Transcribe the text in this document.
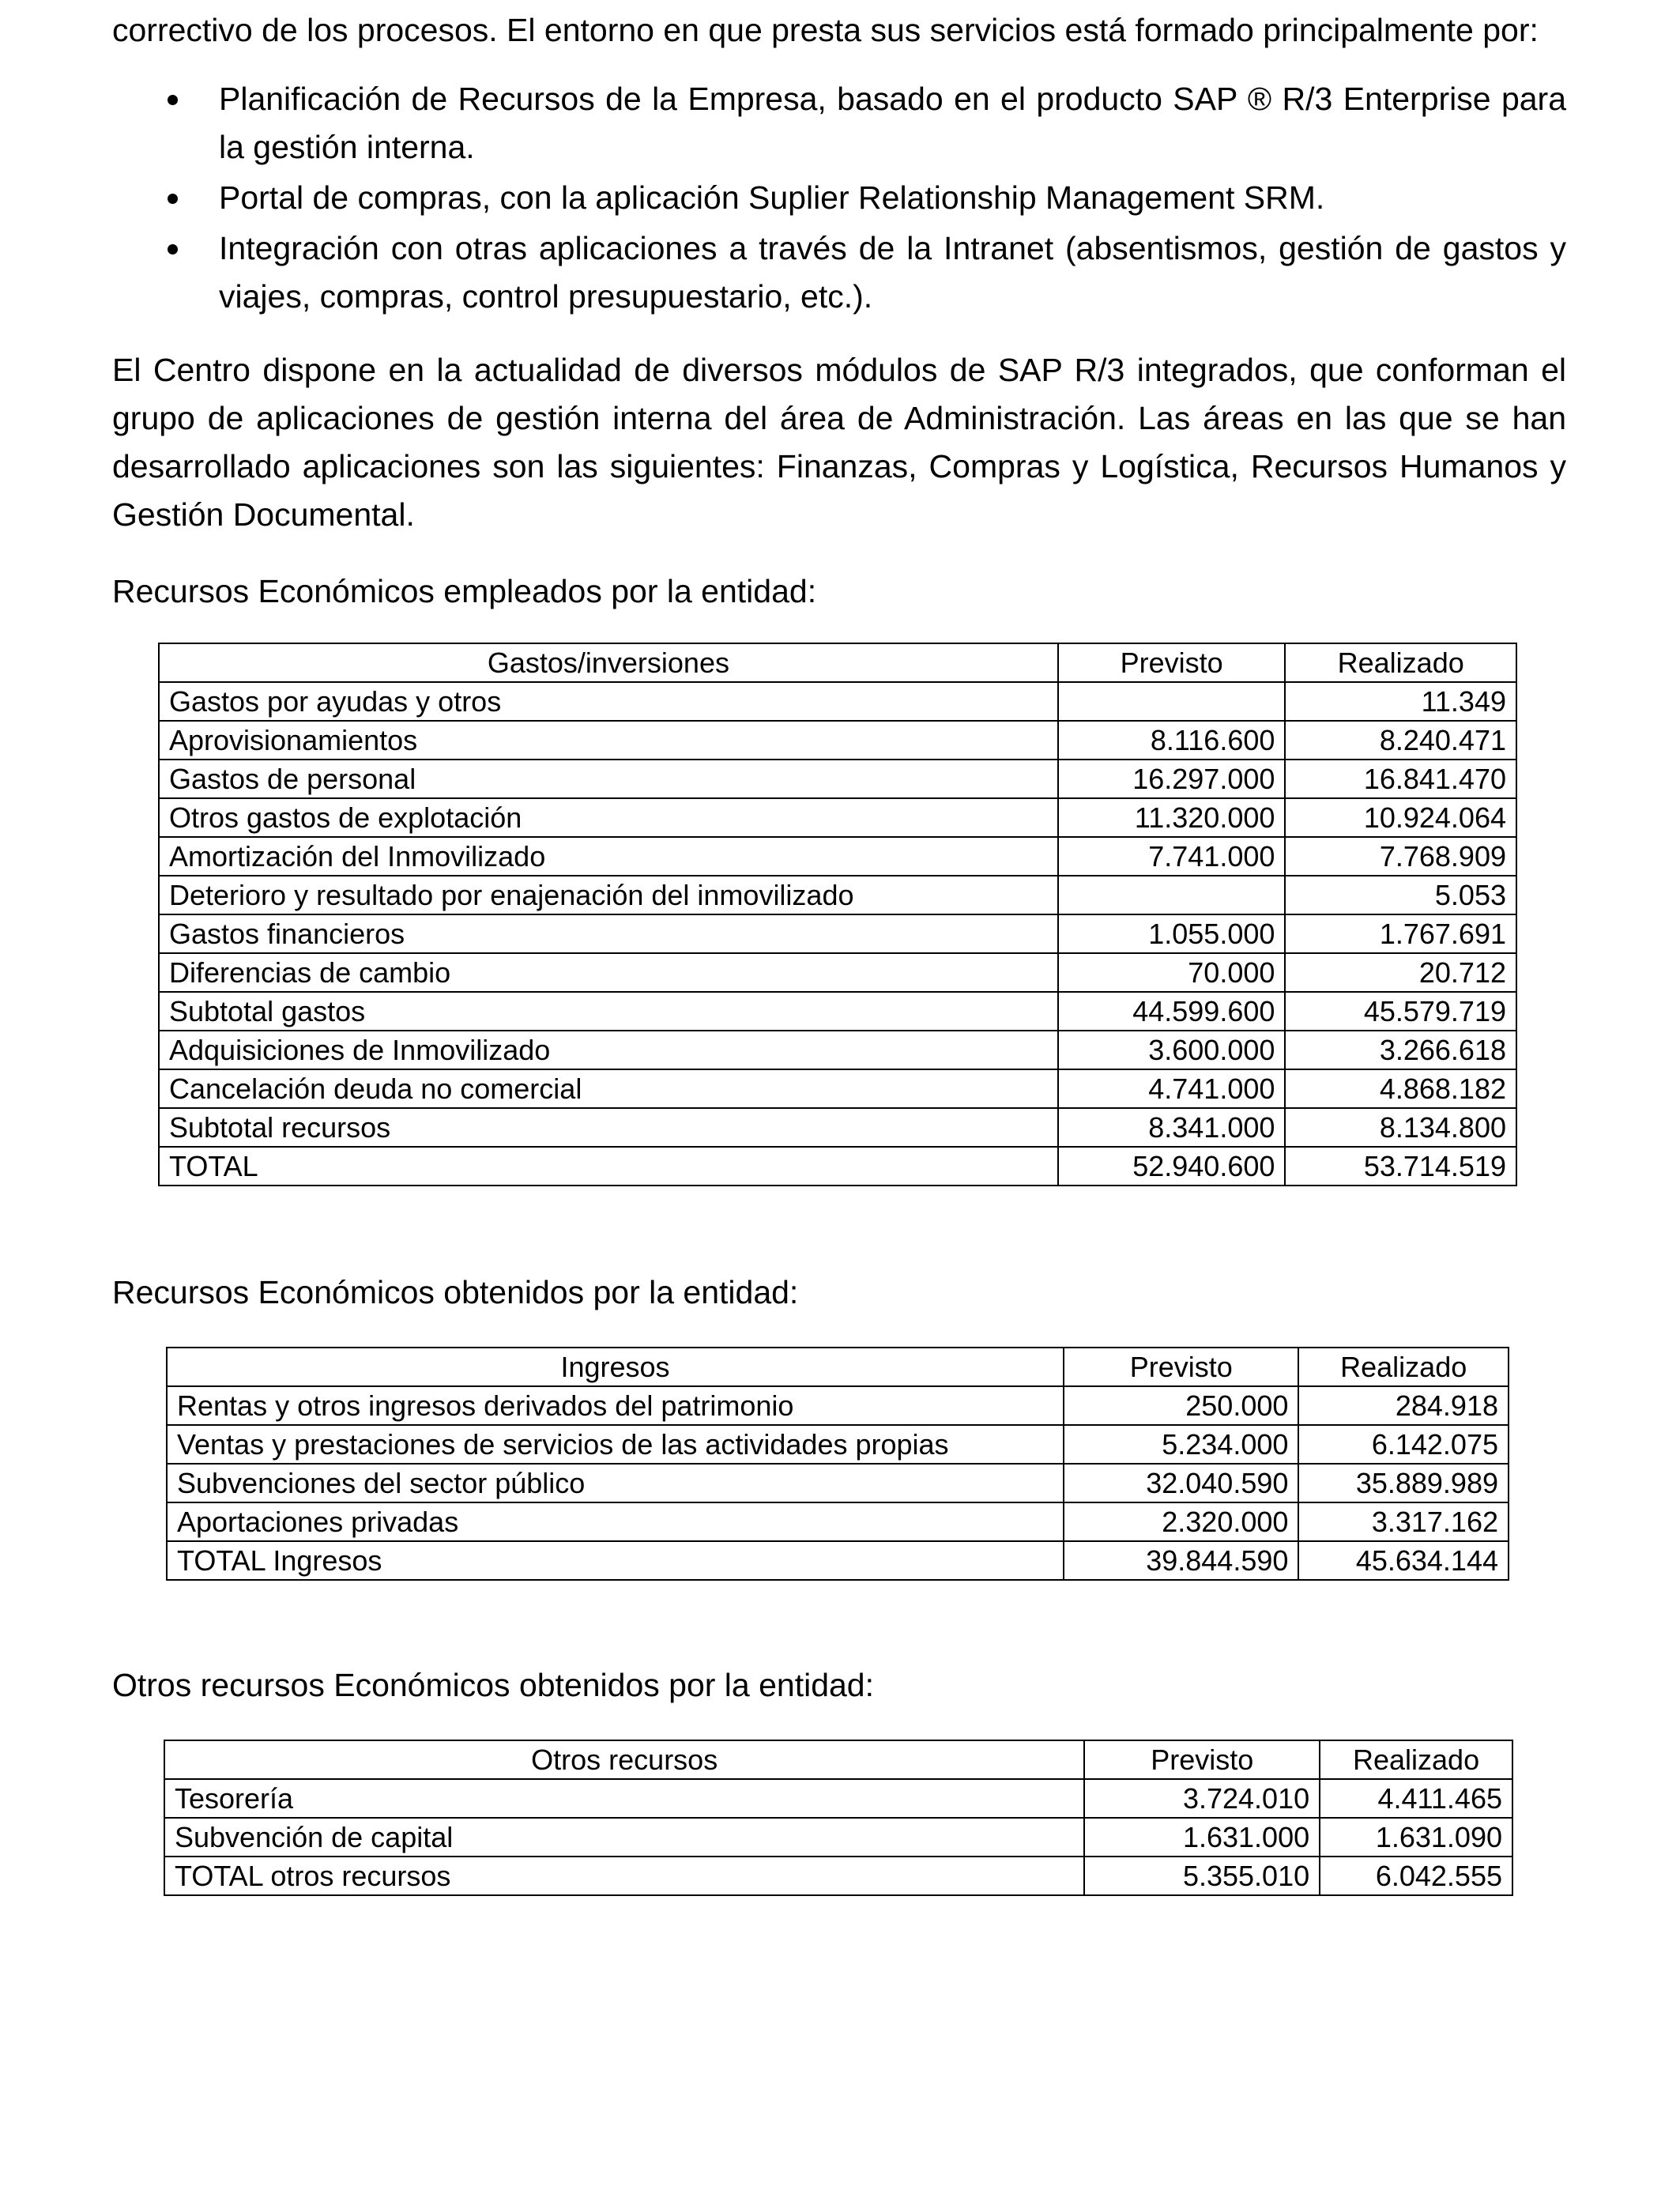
correctivo de los procesos. El entorno en que presta sus servicios está formado principalmente por:

Planificación de Recursos de la Empresa, basado en el producto SAP ® R/3 Enterprise para la gestión interna.
Portal de compras, con la aplicación Suplier Relationship Management SRM.
Integración con otras aplicaciones a través de la Intranet (absentismos, gestión de gastos y viajes, compras, control presupuestario, etc.).

El Centro dispone en la actualidad de diversos módulos de SAP R/3 integrados, que conforman el grupo de aplicaciones de gestión interna del área de Administración. Las áreas en las que se han desarrollado aplicaciones son las siguientes: Finanzas, Compras y Logística, Recursos Humanos y Gestión Documental.

Recursos Económicos empleados por la entidad:

Gastos/inversiones	Previsto	Realizado
Gastos por ayudas y otros		11.349
Aprovisionamientos	8.116.600	8.240.471
Gastos de personal	16.297.000	16.841.470
Otros gastos de explotación	11.320.000	10.924.064
Amortización del Inmovilizado	7.741.000	7.768.909
Deterioro y resultado por enajenación del inmovilizado		5.053
Gastos financieros	1.055.000	1.767.691
Diferencias de cambio	70.000	20.712
Subtotal gastos	44.599.600	45.579.719
Adquisiciones de Inmovilizado	3.600.000	3.266.618
Cancelación deuda no comercial	4.741.000	4.868.182
Subtotal recursos	8.341.000	8.134.800
TOTAL	52.940.600	53.714.519

Recursos Económicos obtenidos por la entidad:

Ingresos	Previsto	Realizado
Rentas y otros ingresos derivados del patrimonio	250.000	284.918
Ventas y prestaciones de servicios de las actividades propias	5.234.000	6.142.075
Subvenciones del sector público	32.040.590	35.889.989
Aportaciones privadas	2.320.000	3.317.162
TOTAL Ingresos	39.844.590	45.634.144

Otros recursos Económicos obtenidos por la entidad:

Otros recursos	Previsto	Realizado
Tesorería	3.724.010	4.411.465
Subvención de capital	1.631.000	1.631.090
TOTAL otros recursos	5.355.010	6.042.555
